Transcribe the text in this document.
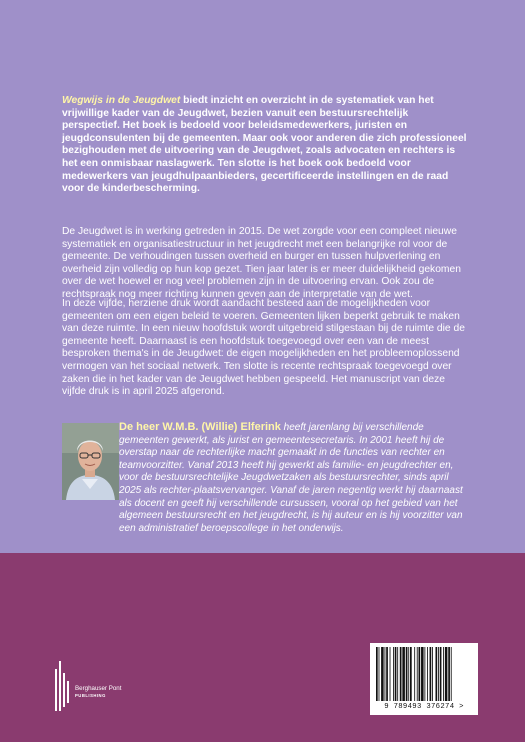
Wegwijs in de Jeugdwet biedt inzicht en overzicht in de systematiek van het vrijwillige kader van de Jeugdwet, bezien vanuit een bestuursrechtelijk perspectief. Het boek is bedoeld voor beleidsmedewerkers, juristen en jeugdconsulenten bij de gemeenten. Maar ook voor anderen die zich professioneel bezighouden met de uitvoering van de Jeugdwet, zoals advocaten en rechters is het een onmisbaar naslagwerk. Ten slotte is het boek ook bedoeld voor medewerkers van jeugdhulpaanbieders, gecertificeerde instellingen en de raad voor de kinderbescherming.

De Jeugdwet is in werking getreden in 2015. De wet zorgde voor een compleet nieuwe systematiek en organisatiestructuur in het jeugdrecht met een belangrijke rol voor de gemeente. De verhoudingen tussen overheid en burger en tussen hulpverlening en overheid zijn volledig op hun kop gezet. Tien jaar later is er meer duidelijkheid gekomen over de wet hoewel er nog veel problemen zijn in de uitvoering ervan. Ook zou de rechtspraak nog meer richting kunnen geven aan de interpretatie van de wet.

In deze vijfde, herziene druk wordt aandacht besteed aan de mogelijkheden voor gemeenten om een eigen beleid te voeren. Gemeenten lijken beperkt gebruik te maken van deze ruimte. In een nieuw hoofdstuk wordt uitgebreid stilgestaan bij de ruimte die de gemeente heeft. Daarnaast is een hoofdstuk toegevoegd over een van de meest besproken thema's in de Jeugdwet: de eigen mogelijkheden en het probleemoplossend vermogen van het sociaal netwerk. Ten slotte is recente rechtspraak toegevoegd over zaken die in het kader van de Jeugdwet hebben gespeeld. Het manuscript van deze vijfde druk is in april 2025 afgerond.

De heer W.M.B. (Willie) Elferink heeft jarenlang bij verschillende gemeenten gewerkt, als jurist en gemeentesecretaris. In 2001 heeft hij de overstap naar de rechterlijke macht gemaakt in de functies van rechter en teamvoorzitter. Vanaf 2013 heeft hij gewerkt als familie- en jeugdrechter en, voor de bestuursrechtelijke Jeugdwetzaken als bestuursrechter, sinds april 2025 als rechter-plaatsvervanger. Vanaf de jaren negentig werkt hij daarnaast als docent en geeft hij verschillende cursussen, vooral op het gebied van het algemeen bestuursrecht en het jeugdrecht, is hij auteur en is hij voorzitter van een administratief beroepscollege in het onderwijs.

Berghauser Pont
PUBLISHING
9 789493 376274 >
